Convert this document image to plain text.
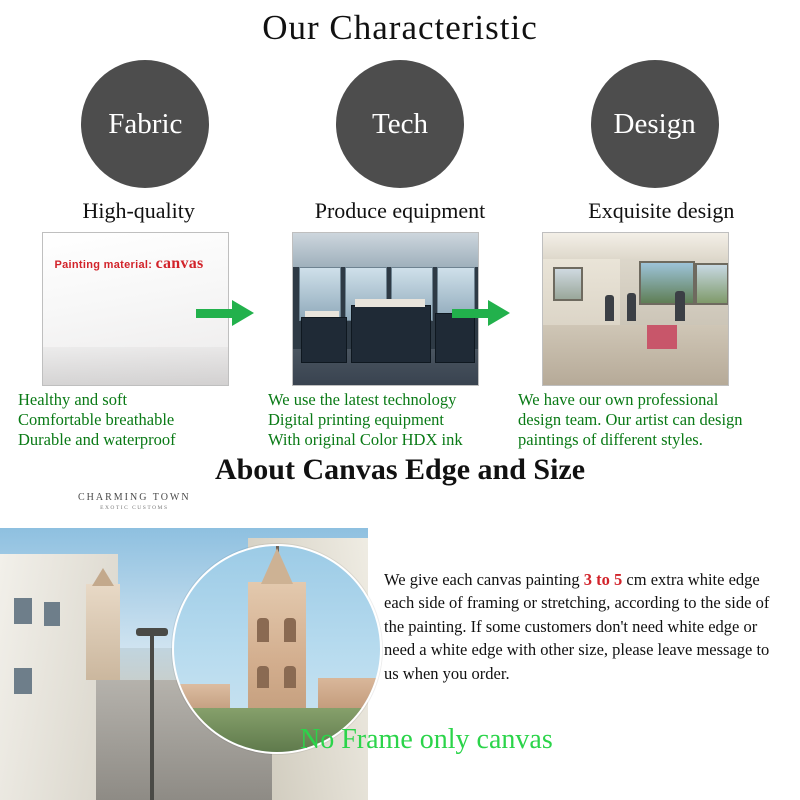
Our Characteristic
Fabric	Tech	Design
High-quality	Produce equipment	Exquisite design
Painting material: canvas
Healthy and soft
Comfortable breathable
Durable and waterproof
We use the latest technology
Digital printing equipment
With original Color HDX ink
We have our own professional
design team. Our artist can design
paintings of different styles.
CHARMING TOWN
EXOTIC CUSTOMS
About Canvas Edge and Size
We give each canvas painting 3 to 5 cm extra white edge each side of framing or stretching, according to the side of the painting. If some customers don't need white edge or need a white edge with other size, please leave message to us when you order.
No Frame only canvas
